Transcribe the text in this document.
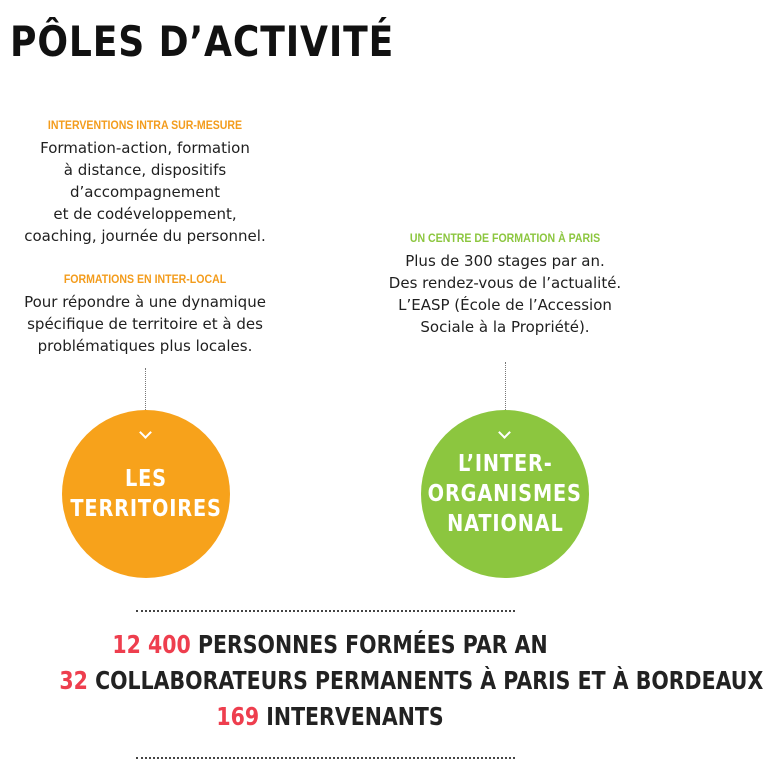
PÔLES D’ACTIVITÉ
INTERVENTIONS INTRA SUR-MESURE
Formation-action, formation
à distance, dispositifs
d’accompagnement
et de codéveloppement,
coaching, journée du personnel.
FORMATIONS EN INTER-LOCAL
Pour répondre à une dynamique
spécifique de territoire et à des
problématiques plus locales.
UN CENTRE DE FORMATION À PARIS
Plus de 300 stages par an.
Des rendez-vous de l’actualité.
L’EASP (École de l’Accession
Sociale à la Propriété).
LES
TERRITOIRES
L’INTER-
ORGANISMES
NATIONAL
12 400 PERSONNES FORMÉES PAR AN
32 COLLABORATEURS PERMANENTS À PARIS ET À BORDEAUX
169 INTERVENANTS
